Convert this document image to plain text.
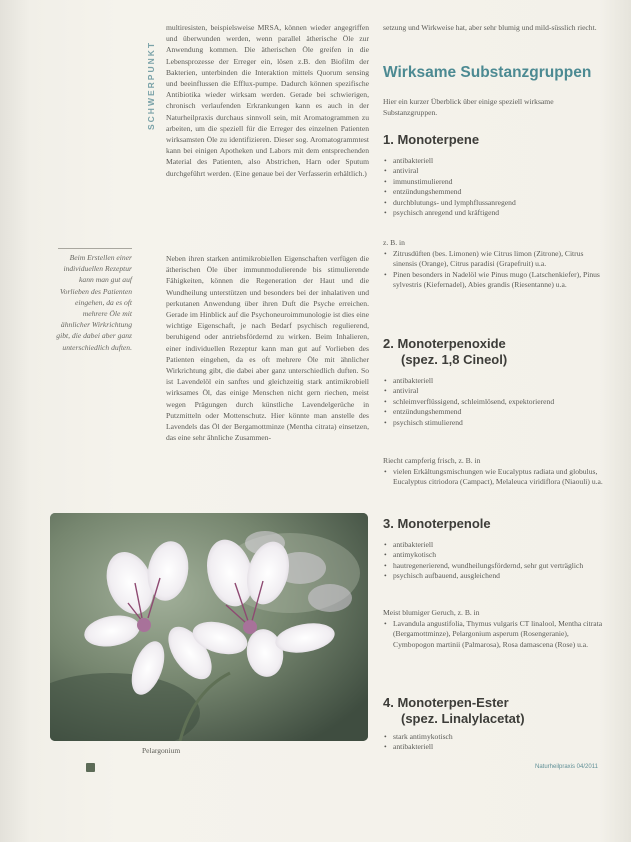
SCHWERPUNKT

multiresisten, beispielsweise MRSA, können wieder angegriffen und überwunden werden, wenn parallel ätherische Öle zur Anwendung kommen. Die ätherischen Öle greifen in die Lebensprozesse der Erreger ein, lösen z.B. den Biofilm der Bakterien, unterbinden die Interaktion mittels Quorum sensing und beeinflussen die Efflux-pumpe. Dadurch können spezifische Antibiotika wieder wirksam werden. Gerade bei schwierigen, chronisch verlaufenden Erkrankungen kann es auch in der Naturheilpraxis durchaus sinnvoll sein, mit Aromatogrammen zu arbeiten, um die speziell für die Erreger des einzelnen Patienten wirksamsten Öle zu identifizieren. Dieser sog. Aromatogrammtest kann bei einigen Apotheken und Labors mit dem entsprechenden Material des Patienten, also Abstrichen, Harn oder Sputum durchgeführt werden. (Eine genaue bei der Verfasserin erhältlich.)

Beim Erstellen einer individuellen Rezeptur kann man gut auf Vorlieben des Patienten eingehen, da es oft mehrere Öle mit ähnlicher Wirkrichtung gibt, die dabei aber ganz unterschiedlich duften.

Neben ihren starken antimikrobiellen Eigenschaften verfügen die ätherischen Öle über immunmodulierende bis stimulierende Fähigkeiten, können die Regeneration der Haut und die Wundheilung unterstützen und besonders bei der inhalativen und perkutanen Anwendung über ihren Duft die Psyche erreichen. Gerade im Hinblick auf die Psychoneuroimmunologie ist dies eine wichtige Eigenschaft, je nach Bedarf psychisch regulierend, beruhigend oder antriebsfördernd zu wirken. Beim Inhalieren, einer individuellen Rezeptur kann man gut auf Vorlieben des Patienten eingehen, da es oft mehrere Öle mit ähnlicher Wirkrichtung gibt, die dabei aber ganz unterschiedlich duften. So ist Lavendelöl ein sanftes und gleichzeitig stark antimikrobiell wirksames Öl, das einige Menschen nicht gern riechen, meist wegen Prägungen durch künstliche Lavendelgerüche in Putzmitteln oder Mottenschutz. Hier könnte man anstelle des Lavendels das Öl der Bergamottminze (Mentha citrata) einsetzen, das eine sehr ähnliche Zusammen-

Pelargonium

setzung und Wirkweise hat, aber sehr blumig und mild-süsslich riecht.

Wirksame Substanzgruppen
Hier ein kurzer Überblick über einige speziell wirksame Substanzgruppen.
1. Monoterpene
• antibakteriell
• antiviral
• immunstimulierend
• entzündungshemmend
• durchblutungs- und lymphflussanregend
• psychisch anregend und kräftigend
z. B. in
• Zitrusdüften (bes. Limonen) wie Citrus limon (Zitrone), Citrus sinensis (Orange), Citrus paradisi (Grapefruit) u.a.
• Pinen besonders in Nadelöl wie Pinus mugo (Latschenkiefer), Pinus sylvestris (Kiefernadel), Abies grandis (Riesentanne) u.a.
2. Monoterpenoxide
(spez. 1,8 Cineol)
• antibakteriell
• antiviral
• schleimverflüssigend, schleimlösend, expektorierend
• entzündungshemmend
• psychisch stimulierend
Riecht campferig frisch, z. B. in
• vielen Erkältungsmischungen wie Eucalyptus radiata und globulus, Eucalyptus citriodora (Campact), Melaleuca viridiflora (Niaouli) u.a.
3. Monoterpenole
• antibakteriell
• antimykotisch
• hautregenerierend, wundheilungsfördernd, sehr gut verträglich
• psychisch aufbauend, ausgleichend
Meist blumiger Geruch, z. B. in
• Lavandula angustifolia, Thymus vulgaris CT linalool, Mentha citrata (Bergamottminze), Pelargonium asperum (Rosengeranie), Cymbopogon martinii (Palmarosa), Rosa damascena (Rose) u.a.
4. Monoterpen-Ester
(spez. Linalylacetat)
• stark antimykotisch
• antibakteriell
Naturheilpraxis 04/2011
